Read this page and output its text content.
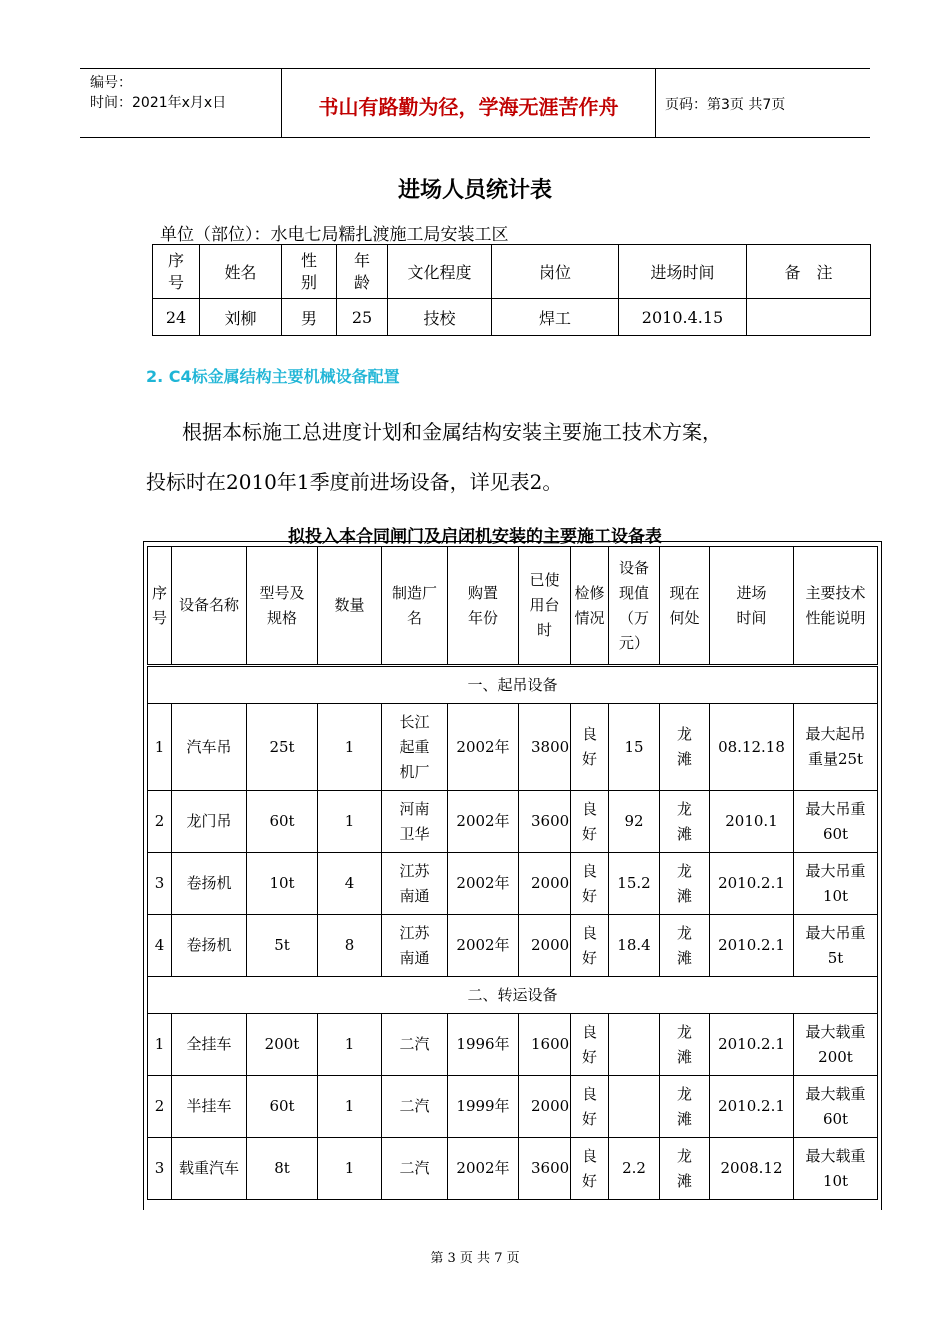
编号：
时间：2021年x月x日	书山有路勤为径，学海无涯苦作舟	页码：第3页 共7页
进场人员统计表
单位（部位）：水电七局糯扎渡施工局安装工区
序号	姓名	性别	年龄	文化程度	岗位	进场时间	备　注
24	刘柳	男	25	技校	焊工	2010.4.15	
2. C4标金属结构主要机械设备配置
根据本标施工总进度计划和金属结构安装主要施工技术方案，
投标时在2010年1季度前进场设备，详见表2。
拟投入本合同闸门及启闭机安装的主要施工设备表
序号	设备名称	型号及规格	数量	制造厂名	购置年份	已使用台时	检修情况	设备现值（万元）	现在何处	进场时间	主要技术性能说明
一、起吊设备											
1	汽车吊	25t	1	长江起重机厂	2002年	3800	良好	15	龙滩	08.12.18	最大起吊重量25t
2	龙门吊	60t	1	河南卫华	2002年	3600	良好	92	龙滩	2010.1	最大吊重60t
3	卷扬机	10t	4	江苏南通	2002年	2000	良好	15.2	龙滩	2010.2.1	最大吊重10t
4	卷扬机	5t	8	江苏南通	2002年	2000	良好	18.4	龙滩	2010.2.1	最大吊重5t
二、转运设备											
1	全挂车	200t	1	二汽	1996年	1600	良好		龙滩	2010.2.1	最大载重200t
2	半挂车	60t	1	二汽	1999年	2000	良好		龙滩	2010.2.1	最大载重60t
3	载重汽车	8t	1	二汽	2002年	3600	良好	2.2	龙滩	2008.12	最大载重10t
第 3 页 共 7 页
